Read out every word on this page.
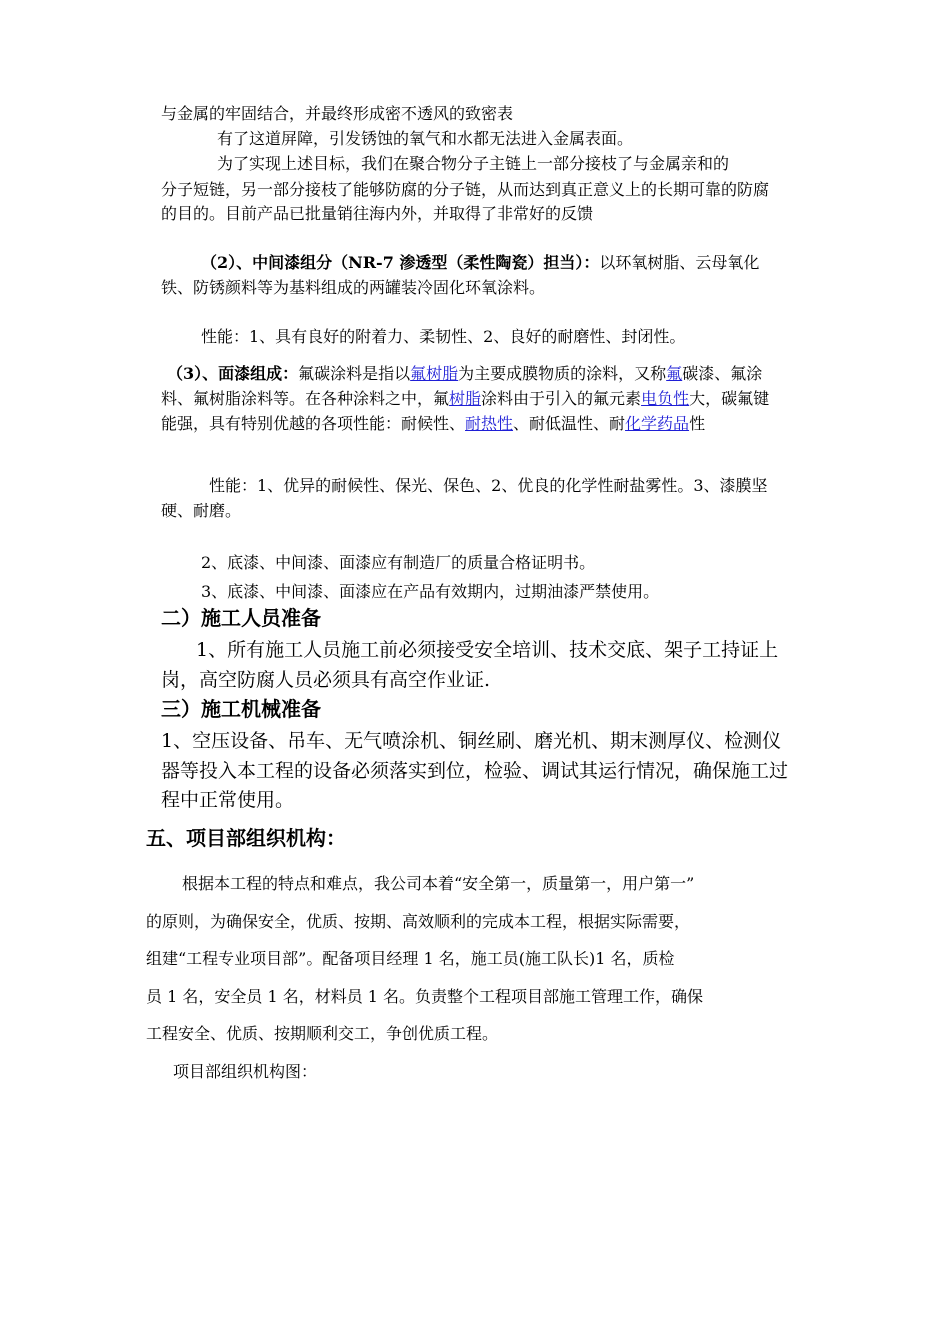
与金属的牢固结合，并最终形成密不透风的致密表
有了这道屏障，引发锈蚀的氧气和水都无法进入金属表面。
为了实现上述目标，我们在聚合物分子主链上一部分接枝了与金属亲和的
分子短链，另一部分接枝了能够防腐的分子链，从而达到真正意义上的长期可靠的防腐
的目的。目前产品已批量销往海内外，并取得了非常好的反馈
（2）、中间漆组分（NR-7 渗透型（柔性陶瓷）担当）：以环氧树脂、云母氧化
铁、防锈颜料等为基料组成的两罐装冷固化环氧涂料。
性能：1、具有良好的附着力、柔韧性、2、良好的耐磨性、封闭性。
（3）、面漆组成：氟碳涂料是指以氟树脂为主要成膜物质的涂料，又称氟碳漆、氟涂
料、氟树脂涂料等。在各种涂料之中，氟树脂涂料由于引入的氟元素电负性大，碳氟键
能强，具有特别优越的各项性能：耐候性、耐热性、耐低温性、耐化学药品性
性能：1、优异的耐候性、保光、保色、2、优良的化学性耐盐雾性。3、漆膜坚
硬、耐磨。
2、底漆、中间漆、面漆应有制造厂的质量合格证明书。
3、底漆、中间漆、面漆应在产品有效期内，过期油漆严禁使用。
二）施工人员准备
1、所有施工人员施工前必须接受安全培训、技术交底、架子工持证上
岗，高空防腐人员必须具有高空作业证.
三）施工机械准备
1、空压设备、吊车、无气喷涂机、铜丝刷、磨光机、期末测厚仪、检测仪
器等投入本工程的设备必须落实到位，检验、调试其运行情况，确保施工过
程中正常使用。
五、项目部组织机构：
根据本工程的特点和难点，我公司本着“安全第一，质量第一，用户第一”
的原则，为确保安全，优质、按期、高效顺利的完成本工程，根据实际需要，
组建“工程专业项目部”。配备项目经理 1 名，施工员(施工队长)1 名，质检
员 1 名，安全员 1 名，材料员 1 名。负责整个工程项目部施工管理工作，确保
工程安全、优质、按期顺利交工，争创优质工程。
项目部组织机构图：
